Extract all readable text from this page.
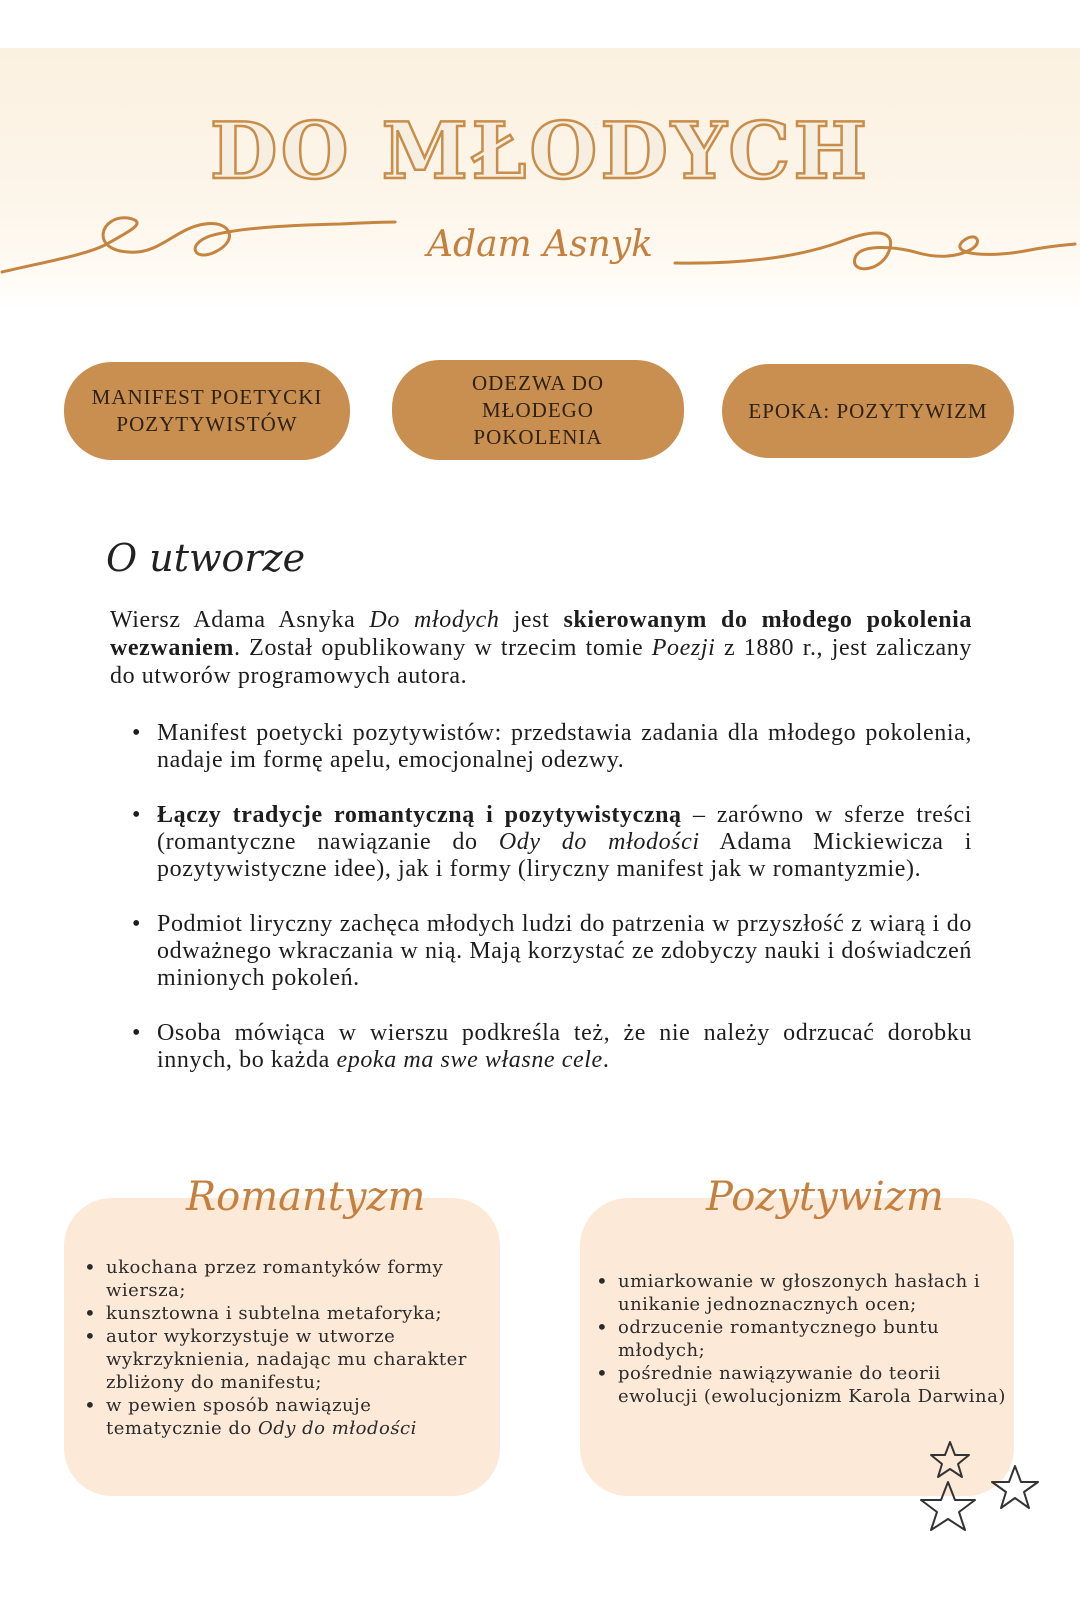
DO MŁODYCH
Adam Asnyk
MANIFEST POETYCKI
POZYTYWISTÓW
ODEZWA DO
MŁODEGO
POKOLENIA
EPOKA: POZYTYWIZM
O utworze

Wiersz Adama Asnyka Do młodych jest skierowanym do młodego pokolenia wezwaniem. Został opublikowany w trzecim tomie Poezji z 1880 r., jest zaliczany do utworów programowych autora.

• Manifest poetycki pozytywistów: przedstawia zadania dla młodego pokolenia, nadaje im formę apelu, emocjonalnej odezwy.
• Łączy tradycje romantyczną i pozytywistyczną – zarówno w sferze treści (romantyczne nawiązanie do Ody do młodości Adama Mickiewicza i pozytywistyczne idee), jak i formy (liryczny manifest jak w romantyzmie).
• Podmiot liryczny zachęca młodych ludzi do patrzenia w przyszłość z wiarą i do odważnego wkraczania w nią. Mają korzystać ze zdobyczy nauki i doświadczeń minionych pokoleń.
• Osoba mówiąca w wierszu podkreśla też, że nie należy odrzucać dorobku innych, bo każda epoka ma swe własne cele.
Romantyzm	Pozytywizm
• ukochana przez romantyków formy wiersza;
• kunsztowna i subtelna metaforyka;
• autor wykorzystuje w utworze wykrzyknienia, nadając mu charakter zbliżony do manifestu;
• w pewien sposób nawiązuje tematycznie do Ody do młodości
• umiarkowanie w głoszonych hasłach i unikanie jednoznacznych ocen;
• odrzucenie romantycznego buntu młodych;
• pośrednie nawiązywanie do teorii ewolucji (ewolucjonizm Karola Darwina)
